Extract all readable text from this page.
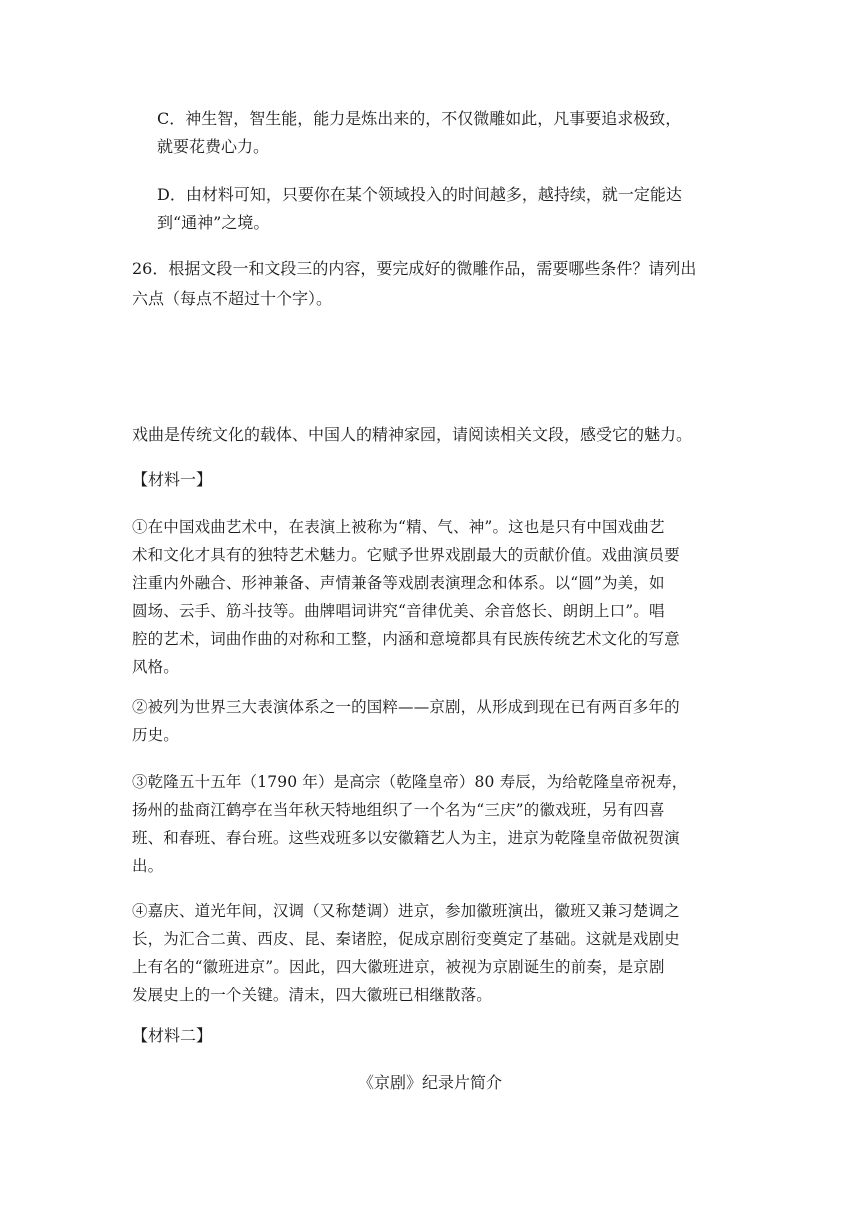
C．神生智，智生能，能力是炼出来的，不仅微雕如此，凡事要追求极致，
就要花费心力。
D．由材料可知，只要你在某个领域投入的时间越多，越持续，就一定能达
到“通神”之境。
26．根据文段一和文段三的内容，要完成好的微雕作品，需要哪些条件？请列出
六点（每点不超过十个字）。
戏曲是传统文化的载体、中国人的精神家园，请阅读相关文段，感受它的魅力。
【材料一】
①在中国戏曲艺术中，在表演上被称为“精、气、神”。这也是只有中国戏曲艺
术和文化才具有的独特艺术魅力。它赋予世界戏剧最大的贡献价值。戏曲演员要
注重内外融合、形神兼备、声情兼备等戏剧表演理念和体系。以“圆”为美，如
圆场、云手、筋斗技等。曲牌唱词讲究“音律优美、余音悠长、朗朗上口”。唱
腔的艺术，词曲作曲的对称和工整，内涵和意境都具有民族传统艺术文化的写意
风格。
②被列为世界三大表演体系之一的国粹——京剧，从形成到现在已有两百多年的
历史。
③乾隆五十五年（1790 年）是高宗（乾隆皇帝）80 寿辰，为给乾隆皇帝祝寿，
扬州的盐商江鹤亭在当年秋天特地组织了一个名为“三庆”的徽戏班，另有四喜
班、和春班、春台班。这些戏班多以安徽籍艺人为主，进京为乾隆皇帝做祝贺演
出。
④嘉庆、道光年间，汉调（又称楚调）进京，参加徽班演出，徽班又兼习楚调之
长，为汇合二黄、西皮、昆、秦诸腔，促成京剧衍变奠定了基础。这就是戏剧史
上有名的“徽班进京”。因此，四大徽班进京，被视为京剧诞生的前奏，是京剧
发展史上的一个关键。清末，四大徽班已相继散落。
【材料二】
《京剧》纪录片简介
